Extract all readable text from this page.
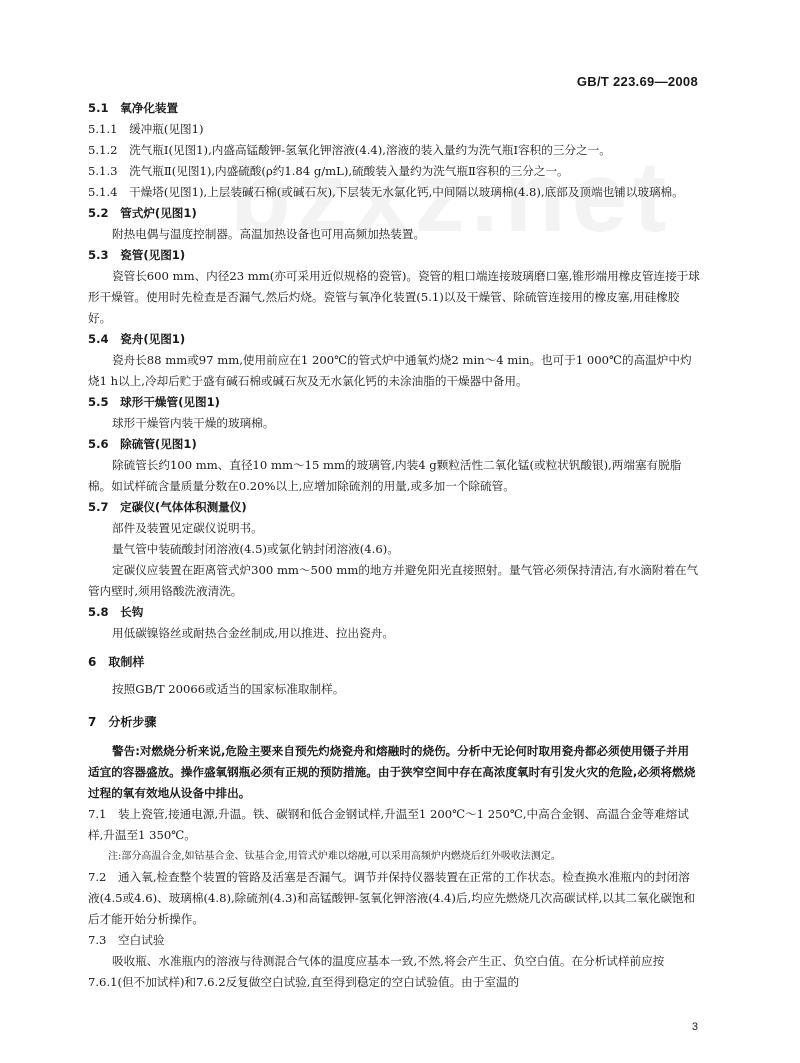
GB/T 223.69—2008

5.1　氧净化装置

5.1.1　缓冲瓶(见图1)

5.1.2　洗气瓶Ⅰ(见图1),内盛高锰酸钾-氢氧化钾溶液(4.4),溶液的装入量约为洗气瓶Ⅰ容积的三分之一。

5.1.3　洗气瓶Ⅱ(见图1),内盛硫酸(ρ约1.84 g/mL),硫酸装入量约为洗气瓶Ⅱ容积的三分之一。

5.1.4　干燥塔(见图1),上层装碱石棉(或碱石灰),下层装无水氯化钙,中间隔以玻璃棉(4.8),底部及顶端也铺以玻璃棉。

5.2　管式炉(见图1)

附热电偶与温度控制器。高温加热设备也可用高频加热装置。

5.3　瓷管(见图1)

瓷管长600 mm、内径23 mm(亦可采用近似规格的瓷管)。瓷管的粗口端连接玻璃磨口塞,锥形端用橡皮管连接于球形干燥管。使用时先检查是否漏气,然后灼烧。瓷管与氧净化装置(5.1)以及干燥管、除硫管连接用的橡皮塞,用硅橡胶好。

5.4　瓷舟(见图1)

瓷舟长88 mm或97 mm,使用前应在1 200℃的管式炉中通氧灼烧2 min～4 min。也可于1 000℃的高温炉中灼烧1 h以上,冷却后贮于盛有碱石棉或碱石灰及无水氯化钙的未涂油脂的干燥器中备用。

5.5　球形干燥管(见图1)

球形干燥管内装干燥的玻璃棉。

5.6　除硫管(见图1)

除硫管长约100 mm、直径10 mm～15 mm的玻璃管,内装4 g颗粒活性二氧化锰(或粒状钒酸银),两端塞有脱脂棉。如试样硫含量质量分数在0.20%以上,应增加除硫剂的用量,或多加一个除硫管。

5.7　定碳仪(气体体积测量仪)

部件及装置见定碳仪说明书。

量气管中装硫酸封闭溶液(4.5)或氯化钠封闭溶液(4.6)。

定碳仪应装置在距离管式炉300 mm～500 mm的地方并避免阳光直接照射。量气管必须保持清洁,有水滴附着在气管内壁时,须用铬酸洗液清洗。

5.8　长钩

用低碳镍铬丝或耐热合金丝制成,用以推进、拉出瓷舟。

6　取制样

按照GB/T 20066或适当的国家标准取制样。

7　分析步骤

警告:对燃烧分析来说,危险主要来自预先灼烧瓷舟和熔融时的烧伤。分析中无论何时取用瓷舟都必须使用镊子并用适宜的容器盛放。操作盛氧钢瓶必须有正规的预防措施。由于狭窄空间中存在高浓度氧时有引发火灾的危险,必须将燃烧过程的氧有效地从设备中排出。

7.1　装上瓷管,接通电源,升温。铁、碳钢和低合金钢试样,升温至1 200℃～1 250℃,中高合金钢、高温合金等难熔试样,升温至1 350℃。

注:部分高温合金,如钴基合金、钛基合金,用管式炉难以熔融,可以采用高频炉内燃烧后红外吸收法测定。

7.2　通入氧,检查整个装置的管路及活塞是否漏气。调节并保持仪器装置在正常的工作状态。检查换水准瓶内的封闭溶液(4.5或4.6)、玻璃棉(4.8),除硫剂(4.3)和高锰酸钾-氢氧化钾溶液(4.4)后,均应先燃烧几次高碳试样,以其二氧化碳饱和后才能开始分析操作。

7.3　空白试验

吸收瓶、水准瓶内的溶液与待测混合气体的温度应基本一致,不然,将会产生正、负空白值。在分析试样前应按7.6.1(但不加试样)和7.6.2反复做空白试验,直至得到稳定的空白试验值。由于室温的

3
